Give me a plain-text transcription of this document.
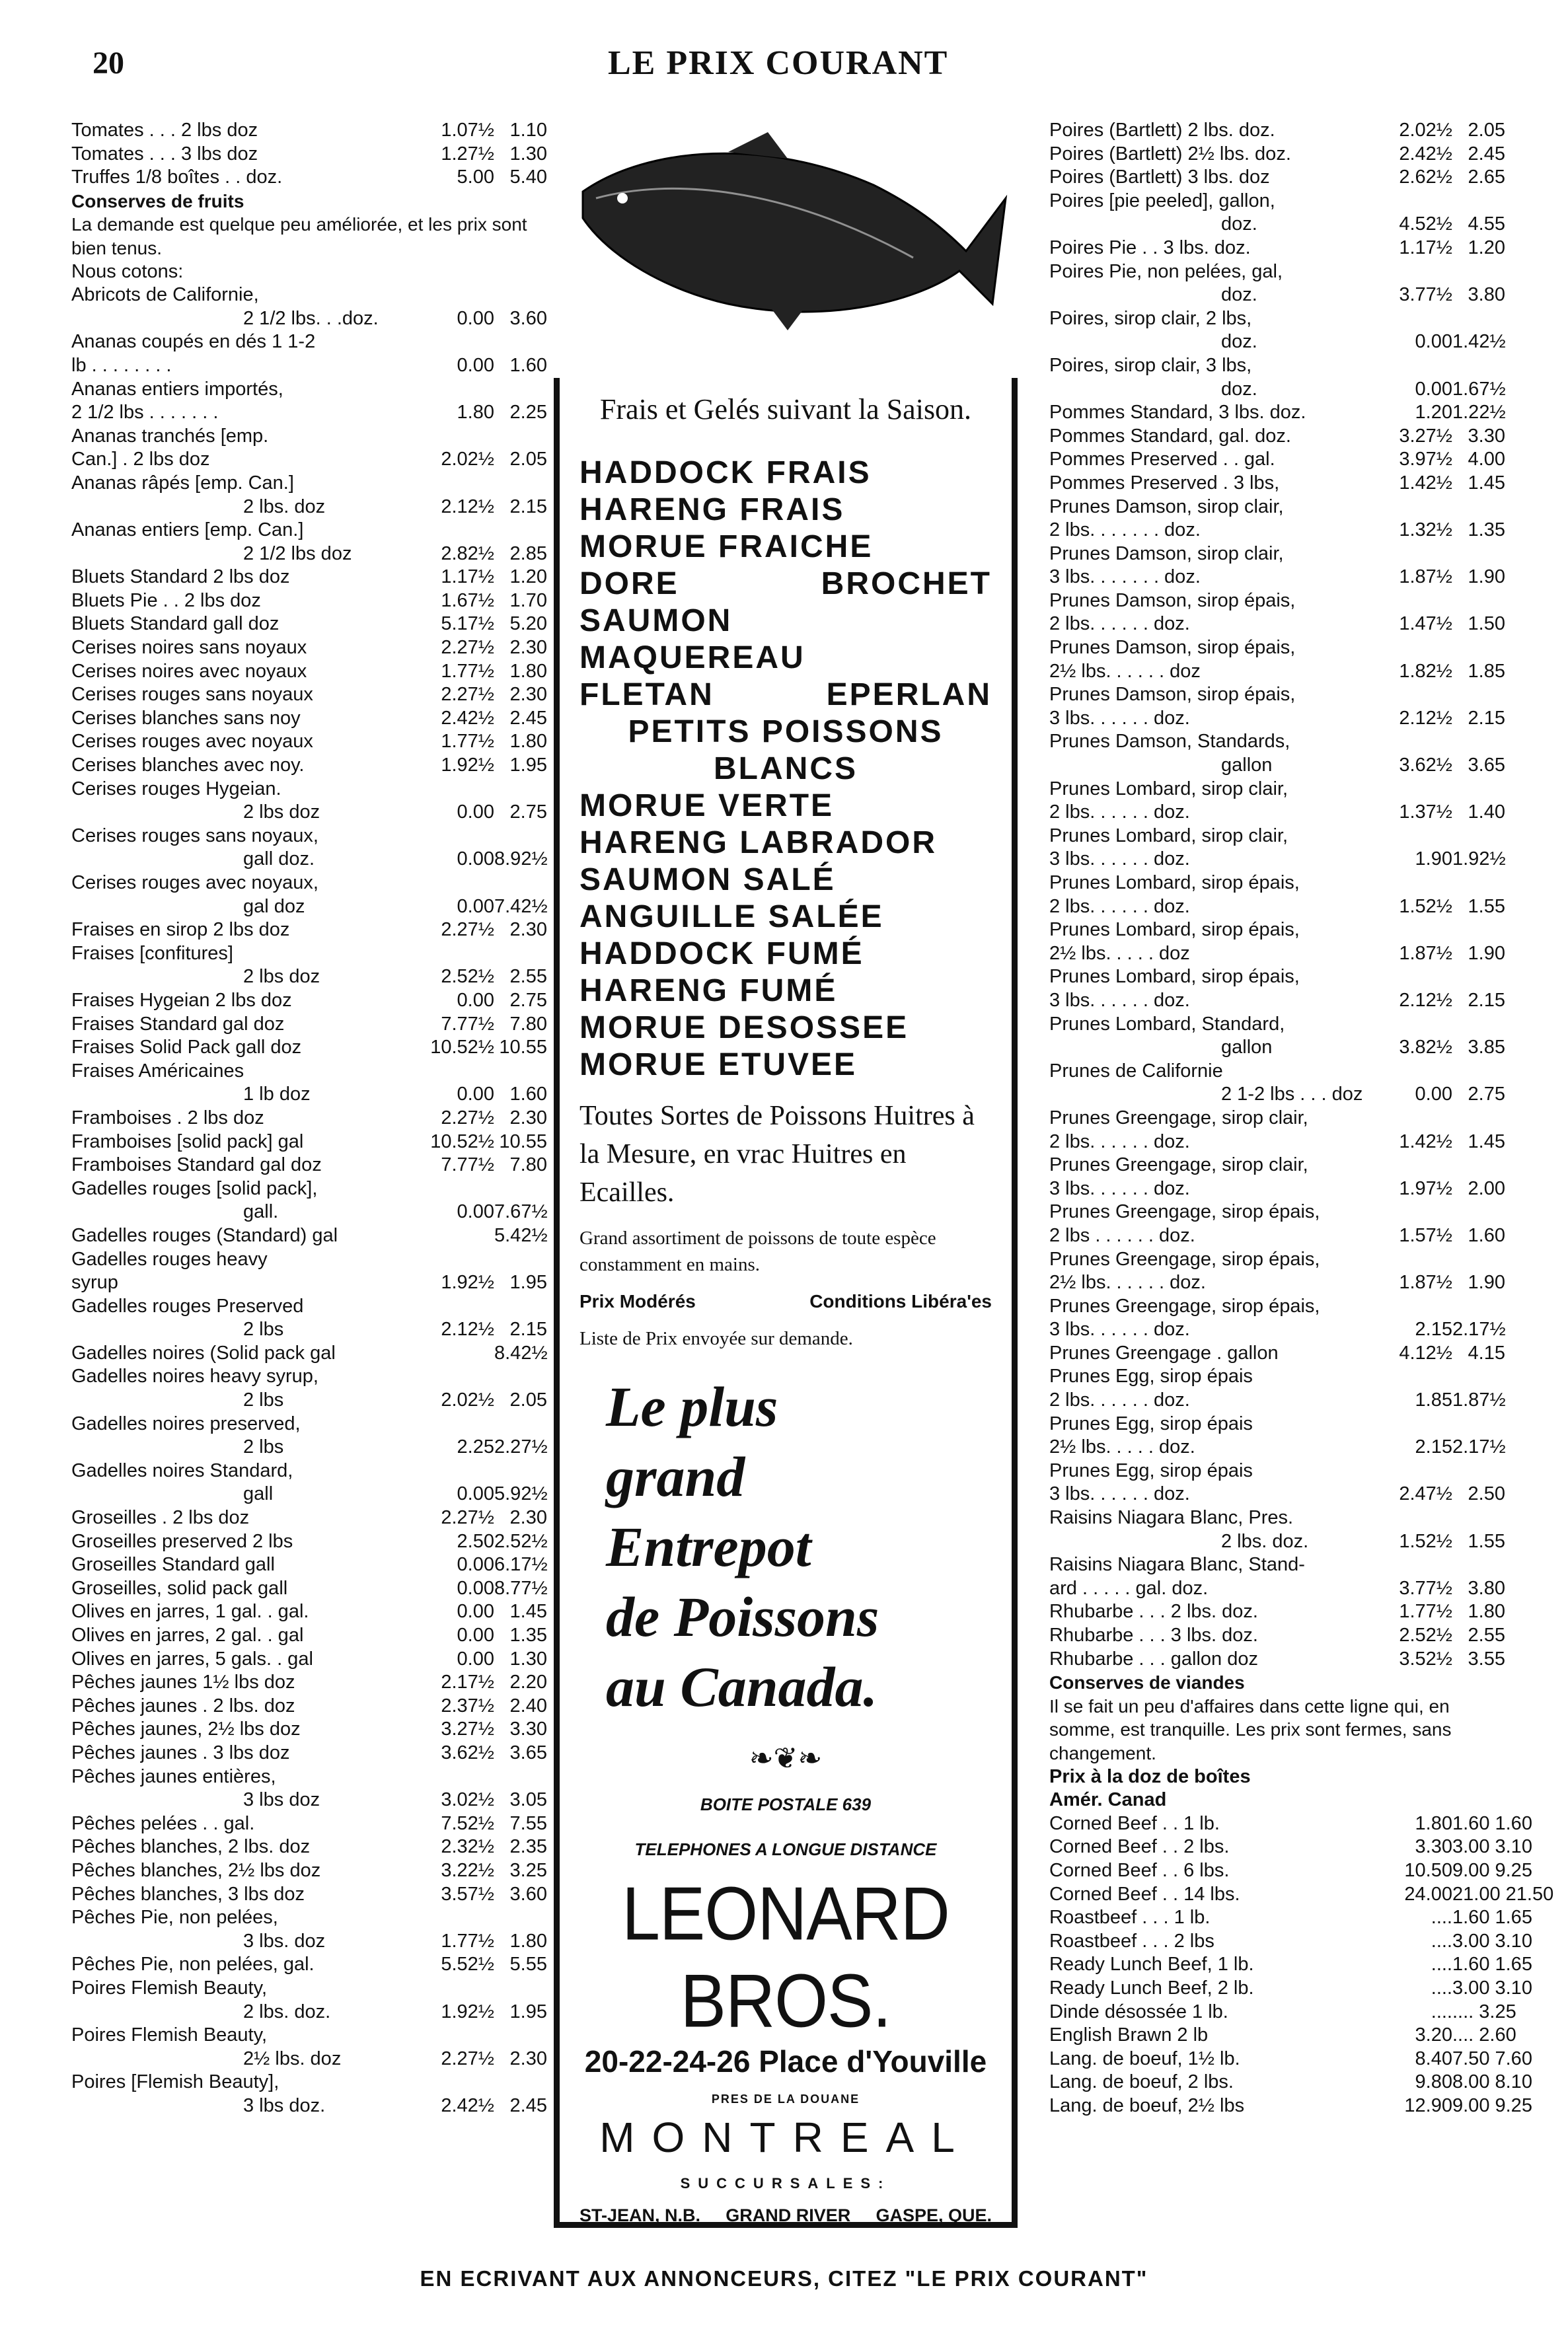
20	LE PRIX COURANT
Tomates . . . 2 lbs doz	1.07½ 1.10
Tomates . . . 3 lbs doz	1.27½ 1.30
Truffes 1/8 boîtes . . doz.	5.00 5.40
Conserves de fruits
La demande est quelque peu améliorée, et les prix sont bien tenus.
Nous cotons:
Abricots de Californie,
2 1/2 lbs. . .doz.	0.00 3.60
Ananas coupés en dés 1 1-2
lb . . . . . . . .	0.00 1.60
Ananas entiers importés,
2 1/2 lbs . . . . . . .	1.80 2.25
Ananas tranchés [emp.
Can.] . 2 lbs doz	2.02½ 2.05
Ananas râpés [emp. Can.]
2 lbs. doz	2.12½ 2.15
Ananas entiers [emp. Can.]
2 1/2 lbs doz	2.82½ 2.85
Bluets Standard 2 lbs doz	1.17½ 1.20
Bluets Pie . . 2 lbs doz	1.67½ 1.70
Bluets Standard gall doz	5.17½ 5.20
Cerises noires sans noyaux	2.27½ 2.30
Cerises noires avec noyaux	1.77½ 1.80
Cerises rouges sans noyaux	2.27½ 2.30
Cerises blanches sans noy	2.42½ 2.45
Cerises rouges avec noyaux	1.77½ 1.80
Cerises blanches avec noy.	1.92½ 1.95
Cerises rouges Hygeian.
2 lbs doz	0.00 2.75
Cerises rouges sans noyaux,
gall doz.	0.00 8.92½
Cerises rouges avec noyaux,
gal doz	0.00 7.42½
Fraises en sirop 2 lbs doz	2.27½ 2.30
Fraises [confitures]
2 lbs doz	2.52½ 2.55
Fraises Hygeian 2 lbs doz	0.00 2.75
Fraises Standard gal doz	7.77½ 7.80
Fraises Solid Pack gall doz	10.52½ 10.55
Fraises Américaines
1 lb doz	0.00 1.60
Framboises . 2 lbs doz	2.27½ 2.30
Framboises [solid pack] gal	10.52½ 10.55
Framboises Standard gal doz	7.77½ 7.80
Gadelles rouges [solid pack],
gall.	0.00 7.67½
Gadelles rouges (Standard) gal	5.42½
Gadelles rouges heavy
syrup	1.92½ 1.95
Gadelles rouges Preserved
2 lbs	2.12½ 2.15
Gadelles noires (Solid pack gal	8.42½
Gadelles noires heavy syrup,
2 lbs	2.02½ 2.05
Gadelles noires preserved,
2 lbs	2.25 2.27½
Gadelles noires Standard,
gall	0.00 5.92½
Groseilles . 2 lbs doz	2.27½ 2.30
Groseilles preserved 2 lbs	2.50 2.52½
Groseilles Standard gall	0.00 6.17½
Groseilles, solid pack gall	0.00 8.77½
Olives en jarres, 1 gal. . gal.	0.00 1.45
Olives en jarres, 2 gal. . gal	0.00 1.35
Olives en jarres, 5 gals. . gal	0.00 1.30
Pêches jaunes 1½ lbs doz	2.17½ 2.20
Pêches jaunes . 2 lbs. doz	2.37½ 2.40
Pêches jaunes, 2½ lbs doz	3.27½ 3.30
Pêches jaunes . 3 lbs doz	3.62½ 3.65
Pêches jaunes entières,
3 lbs doz	3.02½ 3.05
Pêches pelées . . gal.	7.52½ 7.55
Pêches blanches, 2 lbs. doz	2.32½ 2.35
Pêches blanches, 2½ lbs doz	3.22½ 3.25
Pêches blanches, 3 lbs doz	3.57½ 3.60
Pêches Pie, non pelées,
3 lbs. doz	1.77½ 1.80
Pêches Pie, non pelées, gal.	5.52½ 5.55
Poires Flemish Beauty,
2 lbs. doz.	1.92½ 1.95
Poires Flemish Beauty,
2½ lbs. doz	2.27½ 2.30
Poires [Flemish Beauty],
3 lbs doz.	2.42½ 2.45
Poires (Bartlett) 2 lbs. doz.	2.02½ 2.05
Poires (Bartlett) 2½ lbs. doz.	2.42½ 2.45
Poires (Bartlett) 3 lbs. doz	2.62½ 2.65
Poires [pie peeled], gallon,
doz.	4.52½ 4.55
Poires Pie . . 3 lbs. doz.	1.17½ 1.20
Poires Pie, non pelées, gal,
doz.	3.77½ 3.80
Poires, sirop clair, 2 lbs,
doz.	0.00 1.42½
Poires, sirop clair, 3 lbs,
doz.	0.00 1.67½
Pommes Standard, 3 lbs. doz.	1.20 1.22½
Pommes Standard, gal. doz.	3.27½ 3.30
Pommes Preserved . . gal.	3.97½ 4.00
Pommes Preserved . 3 lbs,	1.42½ 1.45
Prunes Damson, sirop clair,
2 lbs. . . . . . . doz.	1.32½ 1.35
Prunes Damson, sirop clair,
3 lbs. . . . . . . doz.	1.87½ 1.90
Prunes Damson, sirop épais,
2 lbs. . . . . . doz.	1.47½ 1.50
Prunes Damson, sirop épais,
2½ lbs. . . . . . doz	1.82½ 1.85
Prunes Damson, sirop épais,
3 lbs. . . . . . doz.	2.12½ 2.15
Prunes Damson, Standards,
gallon	3.62½ 3.65
Prunes Lombard, sirop clair,
2 lbs. . . . . . doz.	1.37½ 1.40
Prunes Lombard, sirop clair,
3 lbs. . . . . . doz.	1.90 1.92½
Prunes Lombard, sirop épais,
2 lbs. . . . . . doz.	1.52½ 1.55
Prunes Lombard, sirop épais,
2½ lbs. . . . . doz	1.87½ 1.90
Prunes Lombard, sirop épais,
3 lbs. . . . . . doz.	2.12½ 2.15
Prunes Lombard, Standard,
gallon	3.82½ 3.85
Prunes de Californie
2 1-2 lbs . . . doz	0.00 2.75
Prunes Greengage, sirop clair,
2 lbs. . . . . . doz.	1.42½ 1.45
Prunes Greengage, sirop clair,
3 lbs. . . . . . doz.	1.97½ 2.00
Prunes Greengage, sirop épais,
2 lbs . . . . . . doz.	1.57½ 1.60
Prunes Greengage, sirop épais,
2½ lbs. . . . . . doz.	1.87½ 1.90
Prunes Greengage, sirop épais,
3 lbs. . . . . . doz.	2.15 2.17½
Prunes Greengage . gallon	4.12½ 4.15
Prunes Egg, sirop épais
2 lbs. . . . . . doz.	1.85 1.87½
Prunes Egg, sirop épais
2½ lbs. . . . . doz.	2.15 2.17½
Prunes Egg, sirop épais
3 lbs. . . . . . doz.	2.47½ 2.50
Raisins Niagara Blanc, Pres.
2 lbs. doz.	1.52½ 1.55
Raisins Niagara Blanc, Stand-
ard . . . . . gal. doz.	3.77½ 3.80
Rhubarbe . . . 2 lbs. doz.	1.77½ 1.80
Rhubarbe . . . 3 lbs. doz.	2.52½ 2.55
Rhubarbe . . . gallon doz	3.52½ 3.55
Conserves de viandes
Il se fait un peu d'affaires dans cette ligne qui, en somme, est tranquille. Les prix sont fermes, sans changement.
Prix à la doz de boîtes
Amér. Canad
Corned Beef . . 1 lb.	1.80 1.60 1.60
Corned Beef . . 2 lbs.	3.30 3.00 3.10
Corned Beef . . 6 lbs.	10.50 9.00 9.25
Corned Beef . . 14 lbs.	24.00 21.00 21.50
Roastbeef . . . 1 lb.	.... 1.60 1.65
Roastbeef . . . 2 lbs	.... 3.00 3.10
Ready Lunch Beef, 1 lb.	.... 1.60 1.65
Ready Lunch Beef, 2 lb.	.... 3.00 3.10
Dinde désossée 1 lb.	.... .... 3.25
English Brawn 2 lb	3.20 .... 2.60
Lang. de boeuf, 1½ lb.	8.40 7.50 7.60
Lang. de boeuf, 2 lbs.	9.80 8.00 8.10
Lang. de boeuf, 2½ lbs	12.90 9.00 9.25
Frais et Gelés suivant la Saison.
HADDOCK FRAIS
HARENG FRAIS
MORUE FRAICHE
DORE	BROCHET
SAUMON
MAQUEREAU
FLETAN	EPERLAN
PETITS POISSONS
BLANCS
MORUE VERTE
HARENG LABRADOR
SAUMON SALÉ
ANGUILLE SALÉE
HADDOCK FUMÉ
HARENG FUMÉ
MORUE DESOSSEE
MORUE ETUVEE
Toutes Sortes de Poissons Huitres à la Mesure, en vrac Huitres en Ecailles.
Grand assortiment de poissons de toute espèce constamment en mains.
Prix Modérés	Conditions Libéra'es
Liste de Prix envoyée sur demande.
Le plus
grand
Entrepot
de Poissons
au Canada.
❧❦❧
BOITE POSTALE 639
TELEPHONES A LONGUE DISTANCE
LEONARD BROS.
20-22-24-26 Place d'Youville
PRES DE LA DOUANE
MONTREAL
SUCCURSALES:
ST-JEAN, N.B. GRAND RIVER GASPE, QUE.
EN ECRIVANT AUX ANNONCEURS, CITEZ "LE PRIX COURANT"
